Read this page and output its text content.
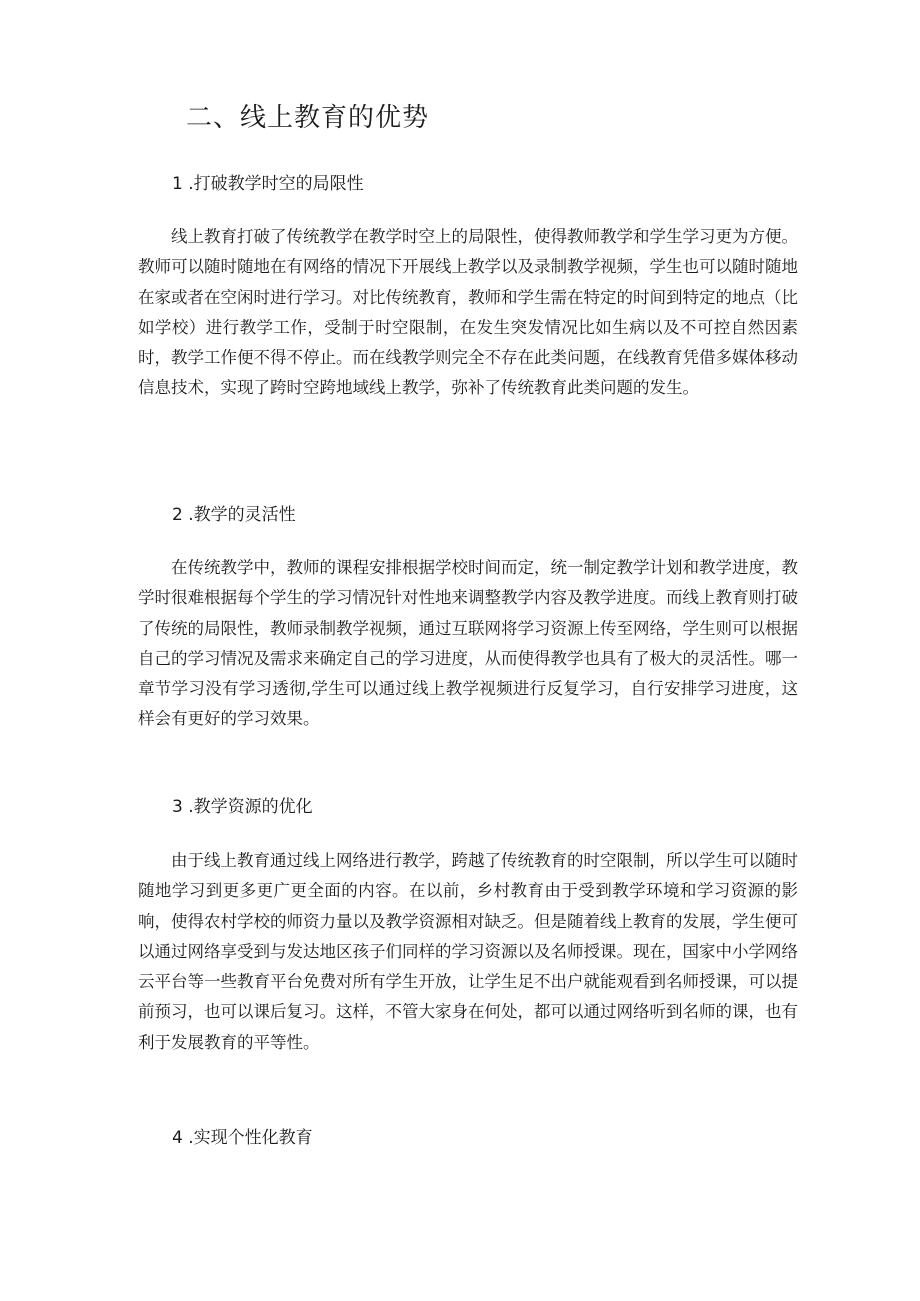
二、线上教育的优势
1 .打破教学时空的局限性

线上教育打破了传统教学在教学时空上的局限性，使得教师教学和学生学习更为方便。教师可以随时随地在有网络的情况下开展线上教学以及录制教学视频，学生也可以随时随地在家或者在空闲时进行学习。对比传统教育，教师和学生需在特定的时间到特定的地点（比如学校）进行教学工作，受制于时空限制，在发生突发情况比如生病以及不可控自然因素时，教学工作便不得不停止。而在线教学则完全不存在此类问题，在线教育凭借多媒体移动信息技术，实现了跨时空跨地域线上教学，弥补了传统教育此类问题的发生。

2 .教学的灵活性

在传统教学中，教师的课程安排根据学校时间而定，统一制定教学计划和教学进度，教学时很难根据每个学生的学习情况针对性地来调整教学内容及教学进度。而线上教育则打破了传统的局限性，教师录制教学视频，通过互联网将学习资源上传至网络，学生则可以根据自己的学习情况及需求来确定自己的学习进度，从而使得教学也具有了极大的灵活性。哪一章节学习没有学习透彻,学生可以通过线上教学视频进行反复学习，自行安排学习进度，这样会有更好的学习效果。

3 .教学资源的优化

由于线上教育通过线上网络进行教学，跨越了传统教育的时空限制，所以学生可以随时随地学习到更多更广更全面的内容。在以前，乡村教育由于受到教学环境和学习资源的影响，使得农村学校的师资力量以及教学资源相对缺乏。但是随着线上教育的发展，学生便可以通过网络享受到与发达地区孩子们同样的学习资源以及名师授课。现在，国家中小学网络云平台等一些教育平台免费对所有学生开放，让学生足不出户就能观看到名师授课，可以提前预习，也可以课后复习。这样，不管大家身在何处，都可以通过网络听到名师的课，也有利于发展教育的平等性。

4 .实现个性化教育
